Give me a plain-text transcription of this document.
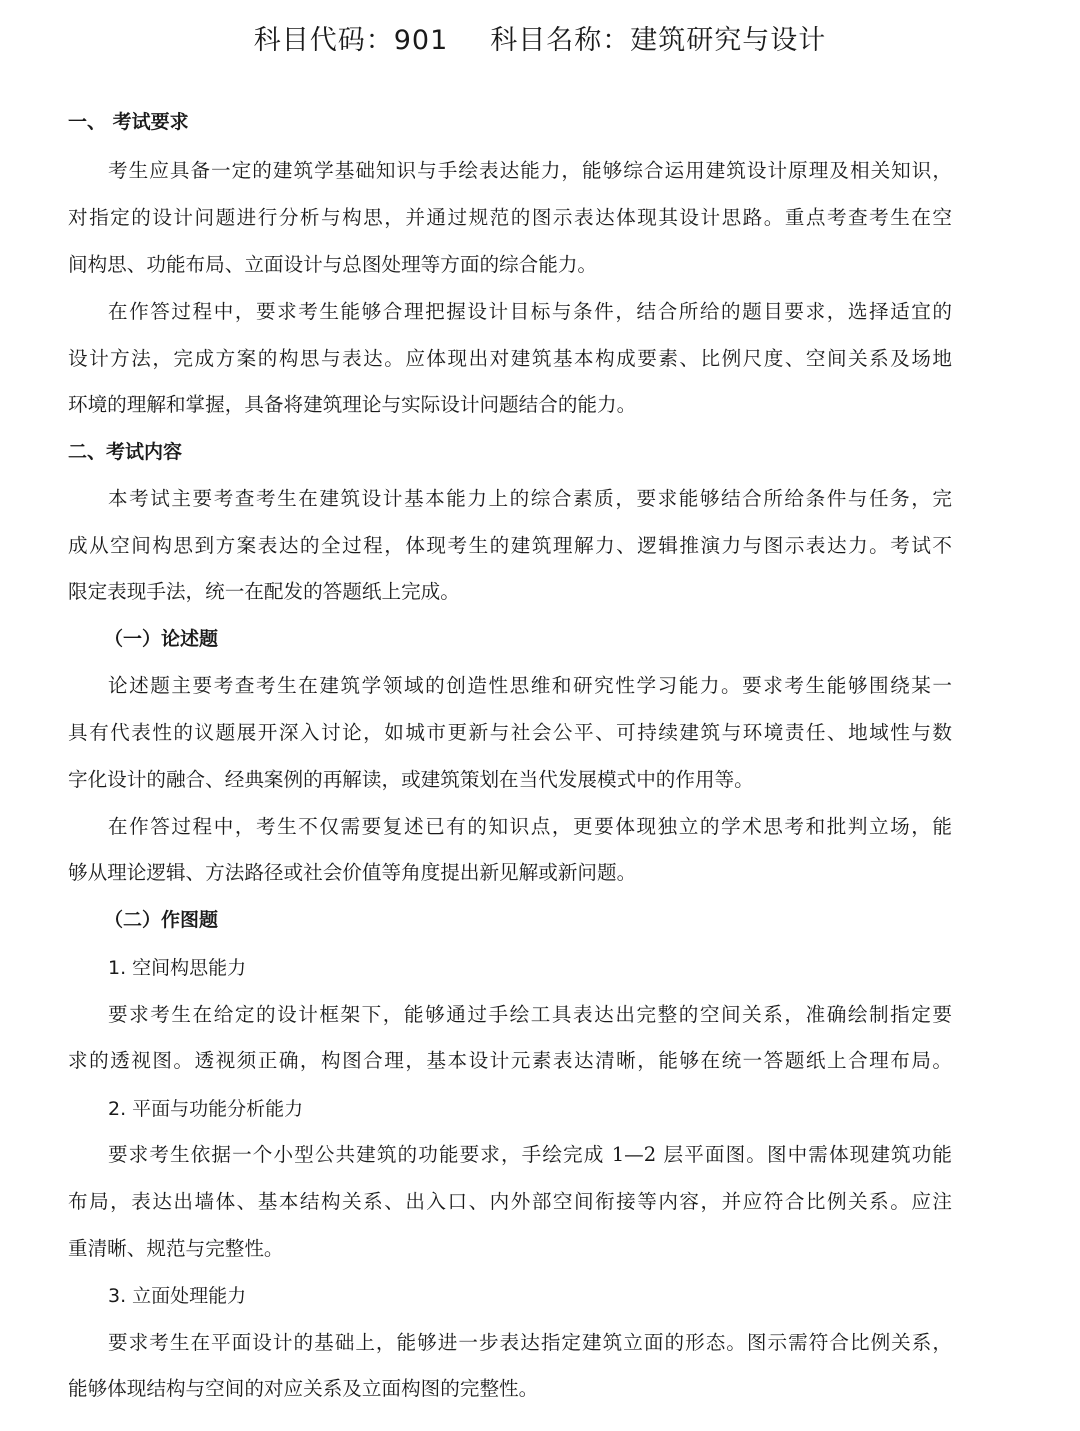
科目代码：901 科目名称：建筑研究与设计
一、 考试要求
考生应具备一定的建筑学基础知识与手绘表达能力，能够综合运用建筑设计原理及相关知识，
对指定的设计问题进行分析与构思，并通过规范的图示表达体现其设计思路。重点考查考生在空
间构思、功能布局、立面设计与总图处理等方面的综合能力。
在作答过程中，要求考生能够合理把握设计目标与条件，结合所给的题目要求，选择适宜的
设计方法，完成方案的构思与表达。应体现出对建筑基本构成要素、比例尺度、空间关系及场地
环境的理解和掌握，具备将建筑理论与实际设计问题结合的能力。
二、考试内容
本考试主要考查考生在建筑设计基本能力上的综合素质，要求能够结合所给条件与任务，完
成从空间构思到方案表达的全过程，体现考生的建筑理解力、逻辑推演力与图示表达力。考试不
限定表现手法，统一在配发的答题纸上完成。
（一）论述题
论述题主要考查考生在建筑学领域的创造性思维和研究性学习能力。要求考生能够围绕某一
具有代表性的议题展开深入讨论，如城市更新与社会公平、可持续建筑与环境责任、地域性与数
字化设计的融合、经典案例的再解读，或建筑策划在当代发展模式中的作用等。
在作答过程中，考生不仅需要复述已有的知识点，更要体现独立的学术思考和批判立场，能
够从理论逻辑、方法路径或社会价值等角度提出新见解或新问题。
（二）作图题
1. 空间构思能力
要求考生在给定的设计框架下，能够通过手绘工具表达出完整的空间关系，准确绘制指定要
求的透视图。透视须正确，构图合理，基本设计元素表达清晰，能够在统一答题纸上合理布局。
2. 平面与功能分析能力
要求考生依据一个小型公共建筑的功能要求，手绘完成 1—2 层平面图。图中需体现建筑功能
布局，表达出墙体、基本结构关系、出入口、内外部空间衔接等内容，并应符合比例关系。应注
重清晰、规范与完整性。
3. 立面处理能力
要求考生在平面设计的基础上，能够进一步表达指定建筑立面的形态。图示需符合比例关系，
能够体现结构与空间的对应关系及立面构图的完整性。
